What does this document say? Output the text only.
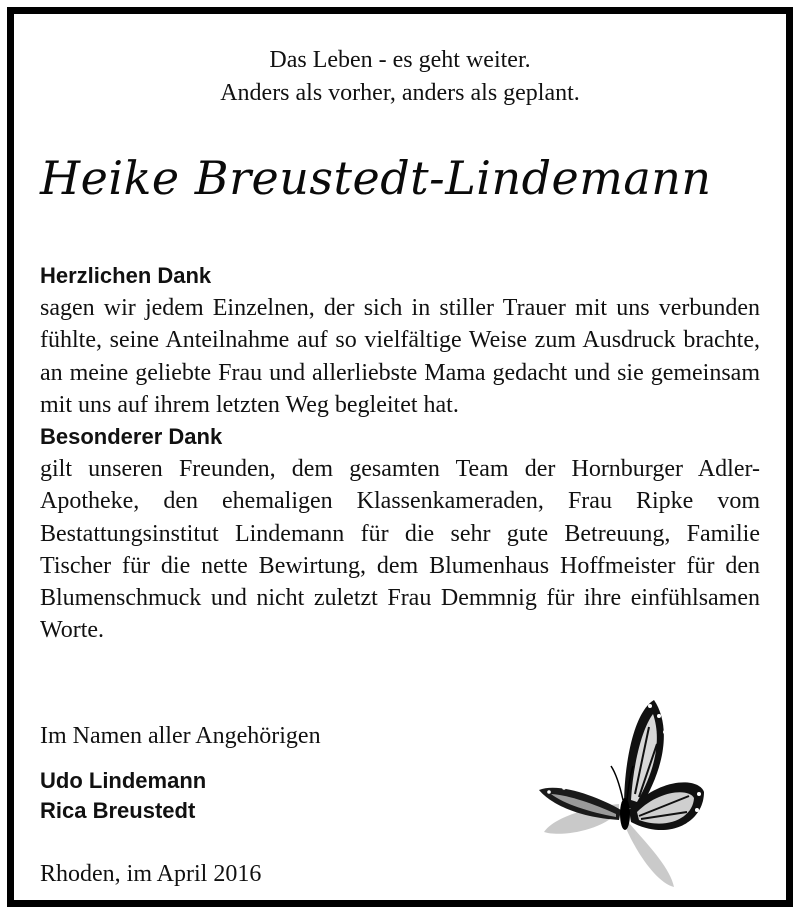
Das Leben - es geht weiter.
Anders als vorher, anders als geplant.
Heike Breustedt-Lindemann
Herzlichen Dank

sagen wir jedem Einzelnen, der sich in stiller Trauer mit uns verbunden fühlte, seine Anteilnahme auf so vielfältige Weise zum Ausdruck brachte, an meine geliebte Frau und allerliebste Mama gedacht und sie gemeinsam mit uns auf ihrem letzten Weg begleitet hat.

Besonderer Dank

gilt unseren Freunden, dem gesamten Team der Hornburger Adler-Apotheke, den ehemaligen Klassenkameraden, Frau Ripke vom Bestattungsinstitut Lindemann für die sehr gute Betreuung, Familie Tischer für die nette Bewirtung, dem Blumenhaus Hoffmeister für den Blumenschmuck und nicht zuletzt Frau Demmnig für ihre einfühlsamen Worte.

Im Namen aller Angehörigen
Udo Lindemann
Rica Breustedt
Rhoden, im April 2016
